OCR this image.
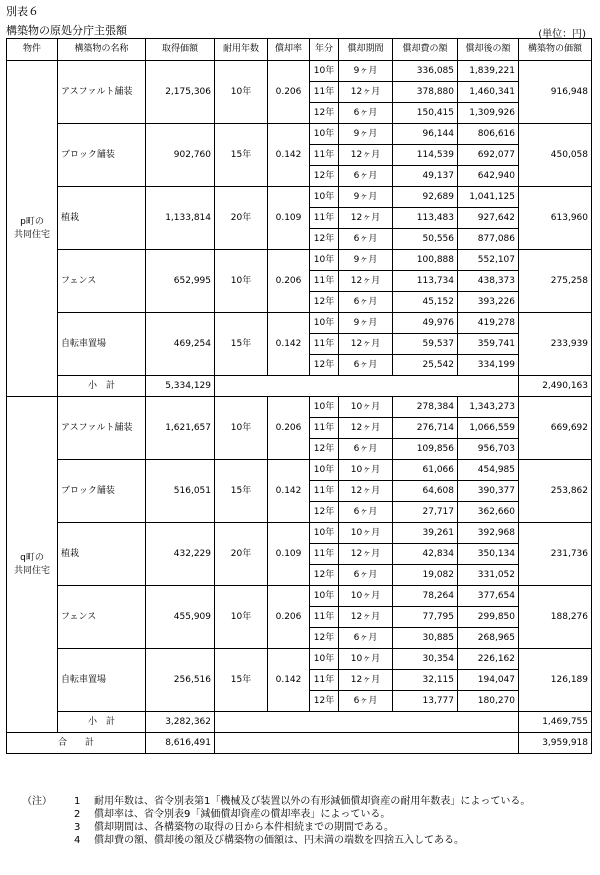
別表６
構築物の原処分庁主張額	(単位：円)
物件	構築物の名称	取得価額	耐用年数	償却率	年分	償却期間	償却費の額	償却後の額	構築物の価額
p町の
共同住宅	アスファルト舗装	2,175,306	10年	0.206	10年	9ヶ月	336,085	1,839,221	916,948
					11年	12ヶ月	378,880	1,460,341	
					12年	6ヶ月	150,415	1,309,926	
	ブロック舗装	902,760	15年	0.142	10年	9ヶ月	96,144	806,616	450,058
					11年	12ヶ月	114,539	692,077	
					12年	6ヶ月	49,137	642,940	
	植栽	1,133,814	20年	0.109	10年	9ヶ月	92,689	1,041,125	613,960
					11年	12ヶ月	113,483	927,642	
					12年	6ヶ月	50,556	877,086	
	フェンス	652,995	10年	0.206	10年	9ヶ月	100,888	552,107	275,258
					11年	12ヶ月	113,734	438,373	
					12年	6ヶ月	45,152	393,226	
	自転車置場	469,254	15年	0.142	10年	9ヶ月	49,976	419,278	233,939
					11年	12ヶ月	59,537	359,741	
					12年	6ヶ月	25,542	334,199	
	小　計	5,334,129							2,490,163
q町の
共同住宅	アスファルト舗装	1,621,657	10年	0.206	10年	10ヶ月	278,384	1,343,273	669,692
					11年	12ヶ月	276,714	1,066,559	
					12年	6ヶ月	109,856	956,703	
	ブロック舗装	516,051	15年	0.142	10年	10ヶ月	61,066	454,985	253,862
					11年	12ヶ月	64,608	390,377	
					12年	6ヶ月	27,717	362,660	
	植栽	432,229	20年	0.109	10年	10ヶ月	39,261	392,968	231,736
					11年	12ヶ月	42,834	350,134	
					12年	6ヶ月	19,082	331,052	
	フェンス	455,909	10年	0.206	10年	10ヶ月	78,264	377,654	188,276
					11年	12ヶ月	77,795	299,850	
					12年	6ヶ月	30,885	268,965	
	自転車置場	256,516	15年	0.142	10年	10ヶ月	30,354	226,162	126,189
					11年	12ヶ月	32,115	194,047	
					12年	6ヶ月	13,777	180,270	
	小　計	3,282,362							1,469,755
合　　計		8,616,491							3,959,918
（注）	1	耐用年数は、省令別表第1「機械及び装置以外の有形減価償却資産の耐用年数表」によっている。
2	償却率は、省令別表9「減価償却資産の償却率表」によっている。
3	償却期間は、各構築物の取得の日から本件相続までの期間である。
4	償却費の額、償却後の額及び構築物の価額は、円未満の端数を四捨五入してある。
